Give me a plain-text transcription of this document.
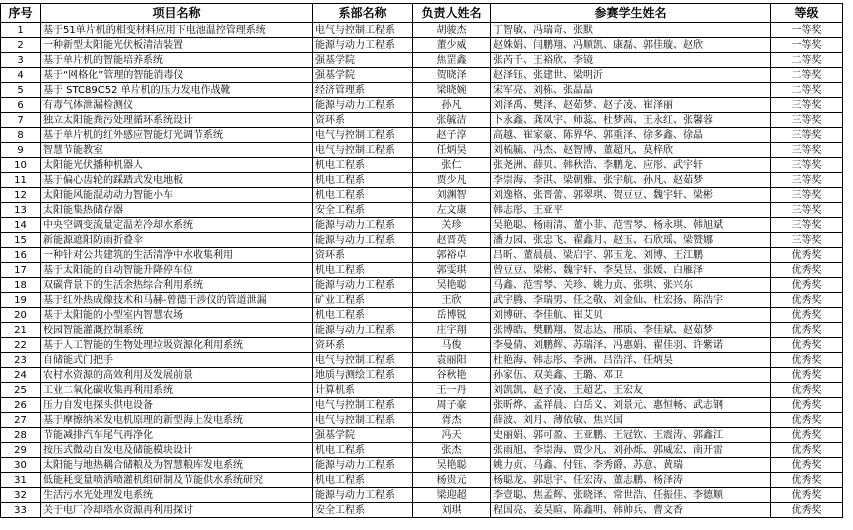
序号	项目名称	系部名称	负责人姓名	参赛学生姓名	等级
1	基于51单片机的相变材料应用下电池温控管理系统	电气与控制工程系	胡骏杰	丁智敏、冯瑞奇、张默	一等奖
2	一种新型太阳能光伏板清洁装置	能源与动力工程系	董少威	赵姝娟、闫鹏翔、冯顺凯、康磊、郭佳璇、赵欣	一等奖
3	基于单片机的智能培养系统	强基学院	焦罡鑫	张芮千、王裕欣、李镜	二等奖
4	基于“网格化”管理的智能消毒仪	强基学院	贺晓泽	赵泽钰、张建世、梁明沂	二等奖
5	基于 STC89C52 单片机的压力发电作战靴	经济管理系	梁晓婉	宋军亮、刘栋、张晶晶	二等奖
6	有毒气体泄漏检测仪	能源与动力工程系	孙凡	刘泽禹、樊泽、赵茹梦、赵子凌、崔泽丽	三等奖
7	独立太阳能粪污处理循环系统设计	资环系	张毓洁	卜永鑫、龚凤宇、师蕊、杜梦茜、王永红、张馨蓉	三等奖
8	基于单片机的红外感应智能灯光调节系统	电气与控制工程系	赵子淳	高越、崔家豪、陈界华、郭重泽、徐多鑫、徐晶	三等奖
9	智慧节能教室	电气与控制工程系	任炳昊	刘梳毓、冯杰、赵智博、董超凡、莫梓欣	三等奖
10	太阳能光伏播种机器人	机电工程系	张仁	张尧洲、薛贝、韩秋浩、李鹏龙、应彤、武宇轩	三等奖
11	基于偏心齿轮的踩踏式发电地板	机电工程系	贾少凡	李崇海、李淇、梁朝雅、张宇航、孙凡、赵茹梦	三等奖
12	太阳能风能混动动力智能小车	机电工程系	刘渊智	刘逸格、张晋蕾、郭翠琪、贺豆豆、魏宇轩、梁彬	三等奖
13	太阳能集热储存器	安全工程系	左文康	韩志彤、王亚平	三等奖
14	中央空调变流量定温差冷却水系统	能源与动力工程系	关珍	吴艳聪、杨雨清、董小菲、范雪琴、杨永琪、韩旭斌	三等奖
15	新能源遮阳防雨折叠伞	能源与动力工程系	赵晋英	潘力园、张忠飞、翟鑫月、赵玉、石欣瑶、梁赞娜	三等奖
16	一种针对公共建筑的生活清净中水收集利用	资环系	郭裕卓	吕昕、董晨晨、梁启宇、郭玉龙、刘博、王江鹏	优秀奖
17	基于太阳能的自动智能升降停车位	机电工程系	郭雯琪	曾豆豆、梁彬、魏宇轩、李昊昱、张媛、白雁泽	优秀奖
18	双碳背景下的生活余热综合利用系统	能源与动力工程系	吴艳聪	马鑫、范雪琴、关珍、姚力贞、张琪、张兴东	优秀奖
19	基于红外热成像技术和马赫-曾德干涉仪的管道泄漏	矿业工程系	王欣	武宇腾、李瑞男、任之敬、刘金仙、杜宏扬、陈浩宇	优秀奖
20	基于太阳能的小型室内智慧农场	机电工程系	岳博锐	刘博研、李佳航、崔艾贝	优秀奖
21	校园智能灌溉控制系统	能源与动力工程系	庄宇翔	张博皓、樊鹏翔、贺志达、邢质、李佳斌、赵茹梦	优秀奖
22	基于人工智能的生物处理垃圾资源化利用系统	资环系	马俊	李曼倩、刘鹏辉、苏瑞泽、冯惠娟、翟佳羽、许紫诺	优秀奖
23	自储能式门把手	电气与控制工程系	袁丽阳	杜艳海、韩志彤、李洲、吕浩洋、任炳昊	优秀奖
24	农村水资源的高效利用及发展前景	地质与测绘工程系	谷秋艳	孙家伍、双美鑫、王璐、邓卫	优秀奖
25	工业二氧化碳收集再利用系统	计算机系	王一丹	刘凯凯、赵子凌、王超艺、王宏友	优秀奖
26	压力自发电探头供电设备	电气与控制工程系	周子豪	张昕烨、孟祥晨、白岳义、刘景元、惠恒畅、武志钢	优秀奖
27	基于摩擦纳米发电机原理的新型海上发电系统	电气与控制工程系	胥杰	薛波、刘月、薄依敏、焦兴国	优秀奖
28	节能减排汽车尾气再净化	强基学院	冯天	史丽娟、郭可盈、王亚鹏、王冠钦、王震涛、郭鑫江	优秀奖
29	按压式微动自发电及储能模块设计	机电工程系	张杰	张雨旭、李崇海、贾少凡、刘孙烁、郭威宏、南开雷	优秀奖
30	太阳能与地热耦合储粮及为智慧粮库发电系统	能源与动力工程系	吴艳聪	姚力贞、马鑫、付钰、李秀爵、苏意、黄瑞	优秀奖
31	低能耗变量喷洒喷灌机组研制及节能供水系统研究	机电工程系	杨贵元	杨聪龙、郭思宇、任宏涛、董志鹏、杨泽涛	优秀奖
32	生活污水光处理发电系统	能源与动力工程系	梁迎超	李壹聪、焦孟辉、张晓译、常世浩、任振佳、李德顺	优秀奖
33	关于电厂冷却塔水资源再利用探讨	安全工程系	刘琪	程国亮、姜昊暄、陈鑫明、韩帅兵、曹文香	优秀奖
